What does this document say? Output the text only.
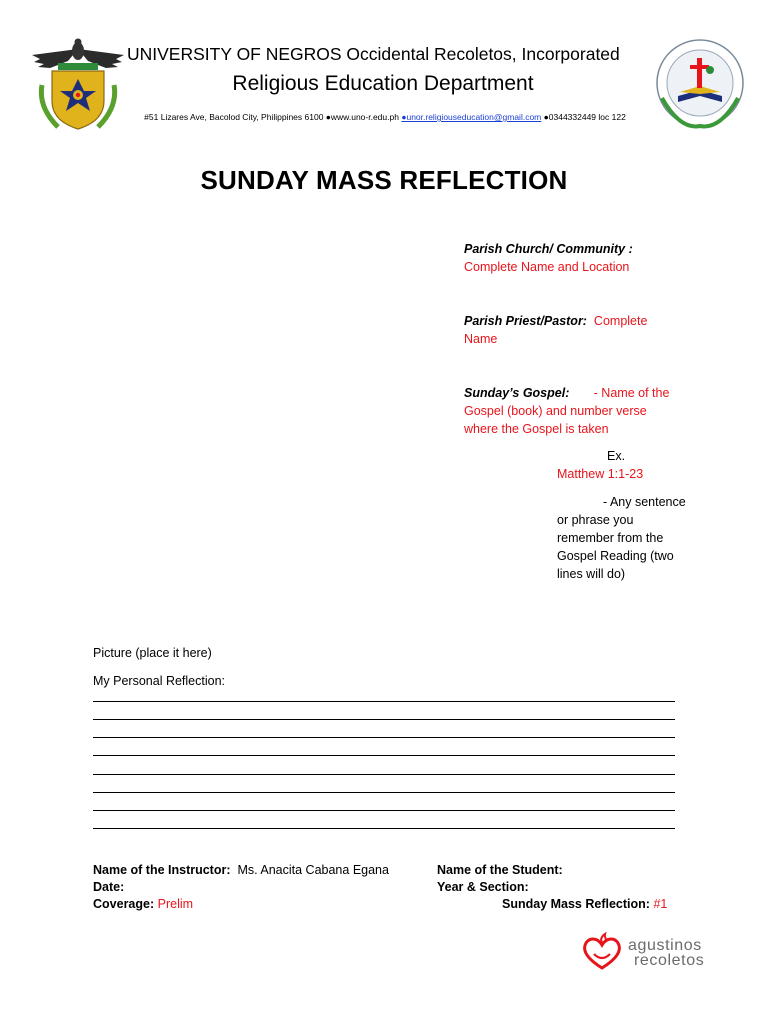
UNIVERSITY OF NEGROS Occidental Recoletos, Incorporated
Religious Education Department
#51 Lizares Ave, Bacolod City, Philippines 6100 ●www.uno-r.edu.ph ●unor.religiouseducation@gmail.com ●0344332449 loc 122
SUNDAY MASS REFLECTION
Parish Church/ Community :
Complete Name and Location
Parish Priest/Pastor: Complete Name
Sunday’s Gospel: - Name of the Gospel (book) and number verse where the Gospel is taken
Ex.
Matthew 1:1-23
- Any sentence or phrase you remember from the Gospel Reading (two lines will do)
Picture (place it here)
My Personal Reflection:
Name of the Instructor: Ms. Anacita Cabana Egana
Date:
Coverage: Prelim
Name of the Student:
Year & Section:
Sunday Mass Reflection: #1
agustinos
recoletos
